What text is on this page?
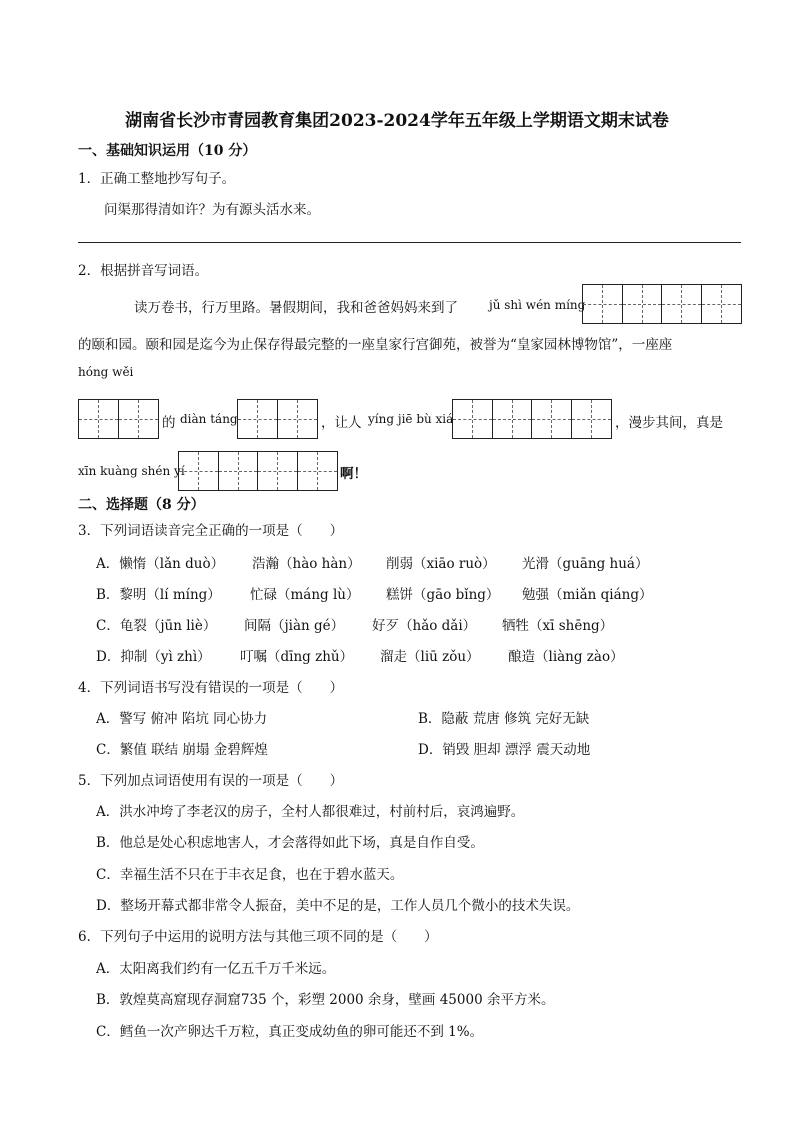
湖南省长沙市青园教育集团2023-2024学年五年级上学期语文期末试卷
一、基础知识运用（10 分）
1．正确工整地抄写句子。
问渠那得清如许？为有源头活水来。
2．根据拼音写词语。
读万卷书，行万里路。暑假期间，我和爸爸妈妈来到了	jǔ shì wén míng
的颐和园。颐和园是迄今为止保存得最完整的一座皇家行宫御苑，被誉为“皇家园林博物馆”，一座座
hóng wěi
的 diàn táng	，让人 yíng jiē bù xiá	，漫步其间，真是
xīn kuàng shén yí	啊！
二、选择题（8 分）
3．下列词语读音完全正确的一项是（　　）
A．懒惰（lǎn duò） 浩瀚（hào hàn） 削弱（xiāo ruò） 光滑（guāng huá）
B．黎明（lí míng） 忙碌（máng lù） 糕饼（gāo bǐng） 勉强（miǎn qiáng）
C．龟裂（jūn liè） 间隔（jiàn gé） 好歹（hǎo dǎi） 牺牲（xī shēng）
D．抑制（yì zhì） 叮嘱（dīng zhǔ） 溜走（liū zǒu） 酿造（liàng zào）
4．下列词语书写没有错误的一项是（　　）
A．警写 俯冲 陷坑 同心协力	B．隐蔽 荒唐 修筑 完好无缺
C．繁值 联结 崩塌 金碧辉煌	D．销毁 胆却 漂浮 震天动地
5．下列加点词语使用有误的一项是（　　）
A．洪水冲垮了李老汉的房子，全村人都很难过，村前村后，哀鸿遍野。
B．他总是处心积虑地害人，才会落得如此下场，真是自作自受。
C．幸福生活不只在于丰衣足食，也在于碧水蓝天。
D．整场开幕式都非常令人振奋，美中不足的是，工作人员几个微小的技术失误。
6．下列句子中运用的说明方法与其他三项不同的是（　　）
A．太阳离我们约有一亿五千万千米远。
B．敦煌莫高窟现存洞窟735 个，彩塑 2000 余身，壁画 45000 余平方米。
C．鳕鱼一次产卵达千万粒，真正变成幼鱼的卵可能还不到 1%。
